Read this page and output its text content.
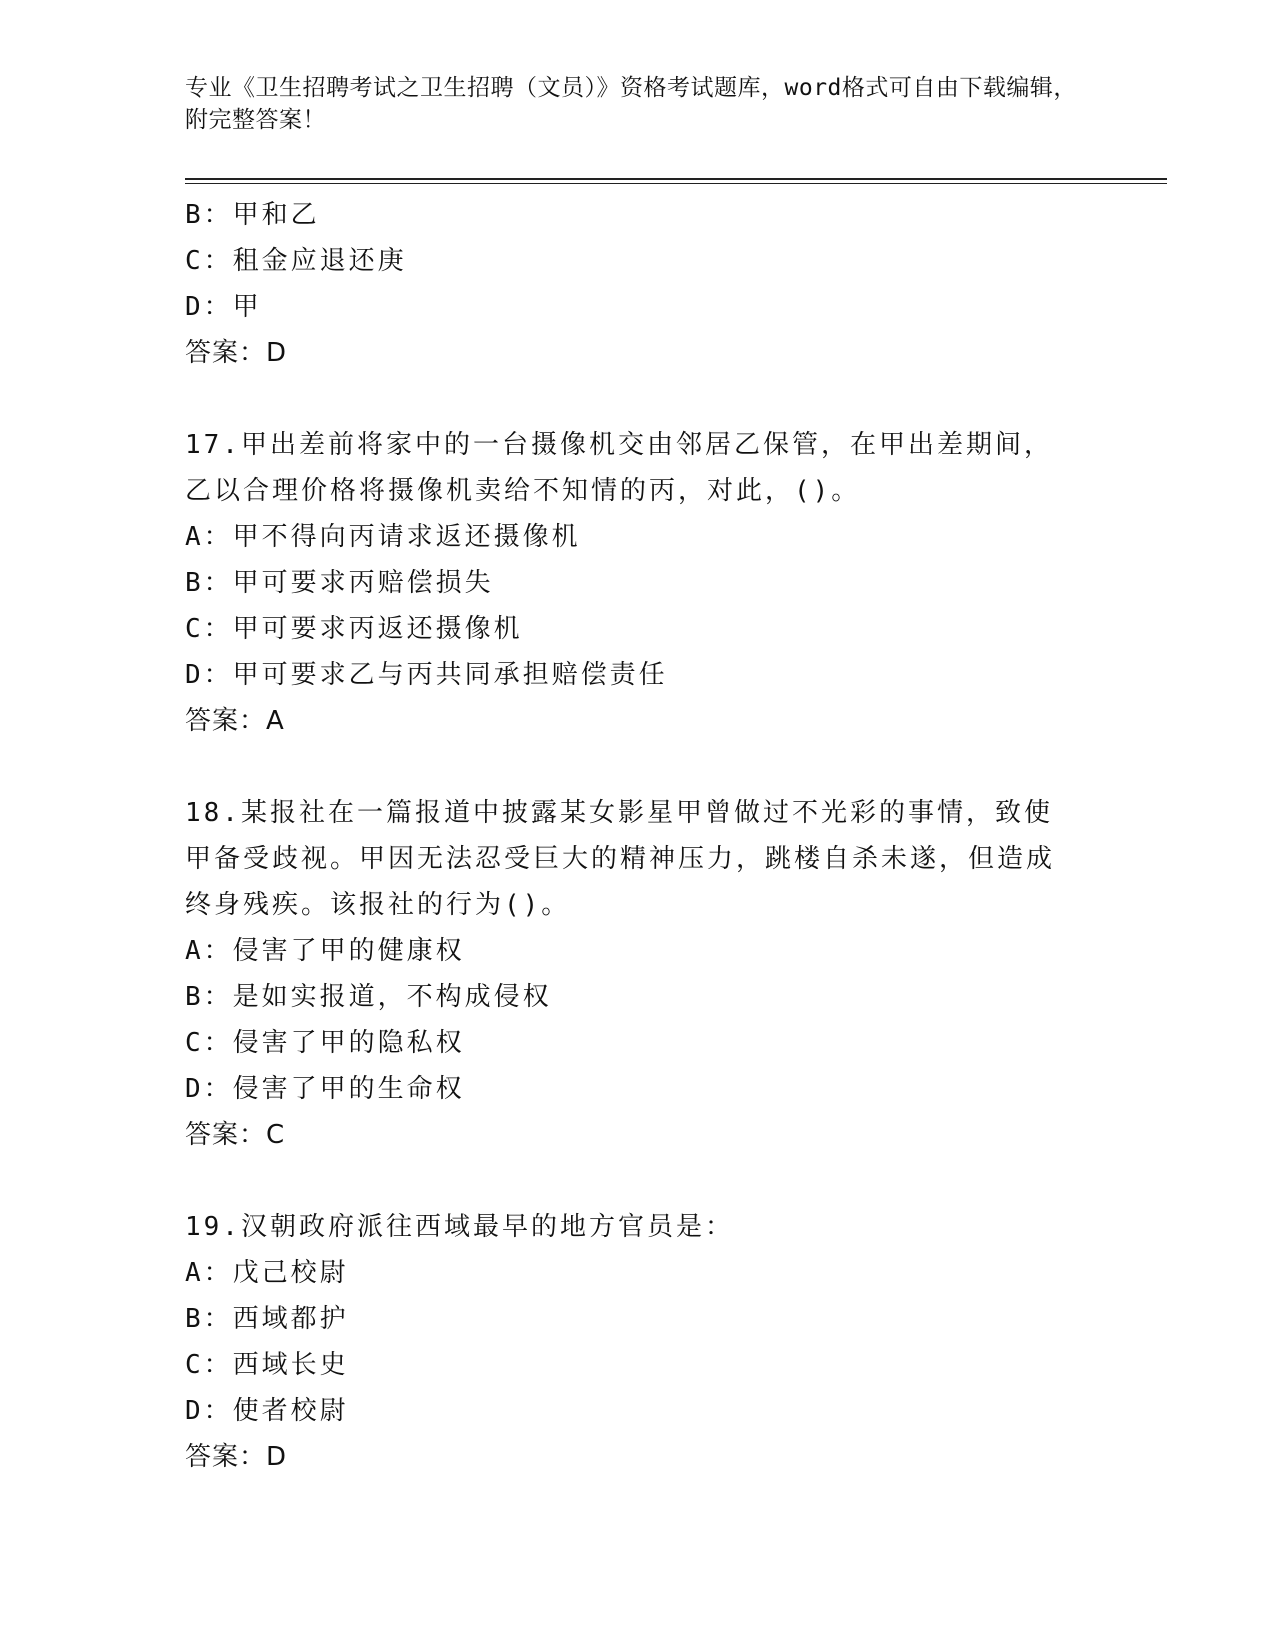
专业《卫生招聘考试之卫生招聘（文员）》资格考试题库，word格式可自由下载编辑，附完整答案！
B：甲和乙
C：租金应退还庚
D：甲
答案：D
17.甲出差前将家中的一台摄像机交由邻居乙保管，在甲出差期间，乙以合理价格将摄像机卖给不知情的丙，对此，()。
A：甲不得向丙请求返还摄像机
B：甲可要求丙赔偿损失
C：甲可要求丙返还摄像机
D：甲可要求乙与丙共同承担赔偿责任
答案：A
18.某报社在一篇报道中披露某女影星甲曾做过不光彩的事情，致使甲备受歧视。甲因无法忍受巨大的精神压力，跳楼自杀未遂，但造成终身残疾。该报社的行为()。
A：侵害了甲的健康权
B：是如实报道，不构成侵权
C：侵害了甲的隐私权
D：侵害了甲的生命权
答案：C
19.汉朝政府派往西域最早的地方官员是：
A：戊己校尉
B：西域都护
C：西域长史
D：使者校尉
答案：D
